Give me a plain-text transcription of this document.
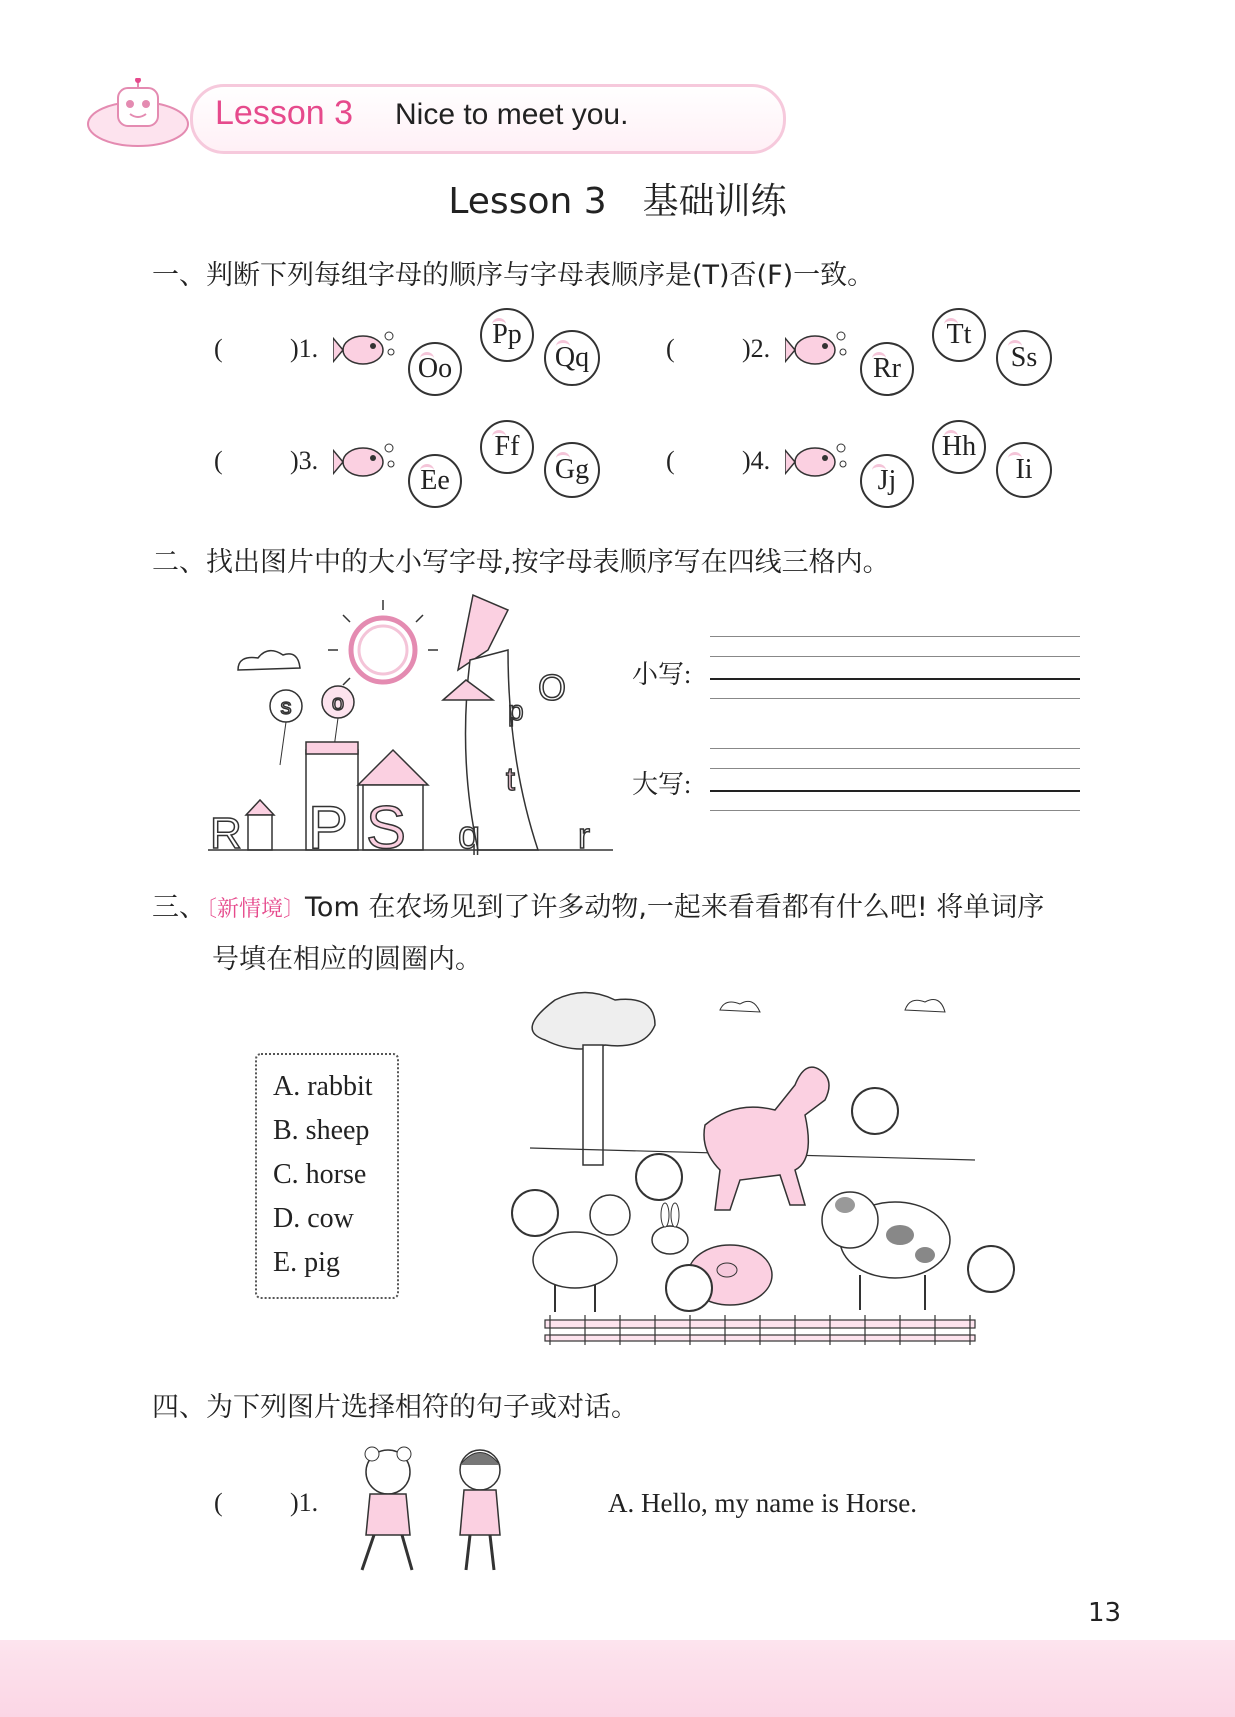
Lesson 3 Nice to meet you.
Lesson 3　基础训练
一、判断下列每组字母的顺序与字母表顺序是(T)否(F)一致。
(	)1.
Oo
Pp
Qq	(	)2.
Rr
Tt
Ss
(	)3.
Ee
Ff
Gg	(	)4.
Jj
Hh
Ii
二、找出图片中的大小写字母,按字母表顺序写在四线三格内。
s o
R P S
t
q	r
O
p
小写:
大写:
三、〔新情境〕Tom 在农场见到了许多动物,一起来看看都有什么吧! 将单词序
号填在相应的圆圈内。
A. rabbit
B. sheep
C. horse
D. cow
E. pig
四、为下列图片选择相符的句子或对话。
(	)1.	A. Hello, my name is Horse.
13
